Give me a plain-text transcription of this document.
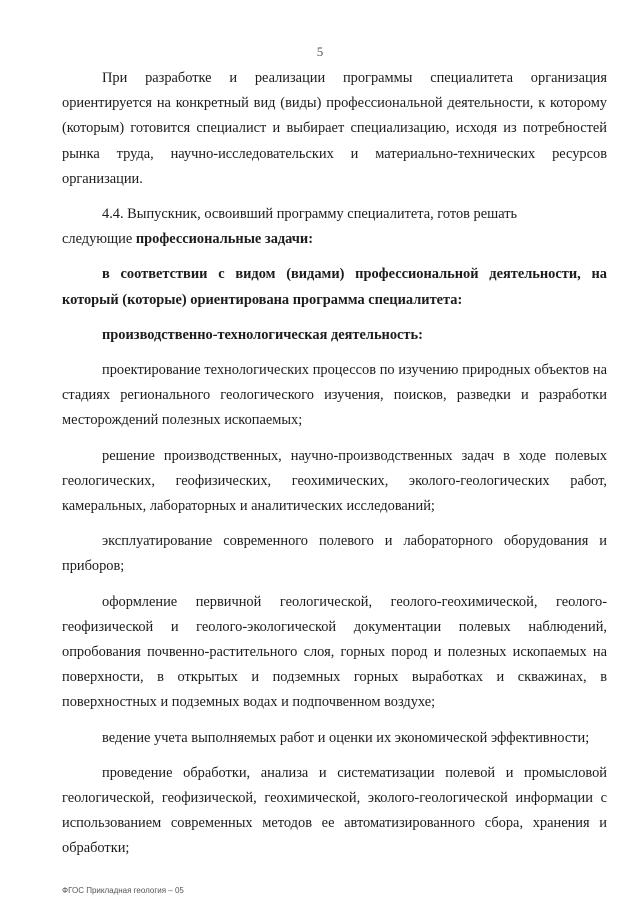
5

При разработке и реализации программы специалитета организация ориентируется на конкретный вид (виды) профессиональной деятельности, к которому (которым) готовится специалист и выбирает специализацию, исходя из потребностей рынка труда, научно-исследовательских и материально-технических ресурсов организации.

4.4. Выпускник, освоивший программу специалитета, готов решать
следующие профессиональные задачи:

в соответствии с видом (видами) профессиональной деятельности, на который (которые) ориентирована программа специалитета:

производственно-технологическая деятельность:

проектирование технологических процессов по изучению природных объектов на стадиях регионального геологического изучения, поисков, разведки и разработки месторождений полезных ископаемых;

решение производственных, научно-производственных задач в ходе полевых геологических, геофизических, геохимических, эколого-геологических работ, камеральных, лабораторных и аналитических исследований;

эксплуатирование современного полевого и лабораторного оборудования и приборов;

оформление первичной геологической, геолого-геохимической, геолого-геофизической и геолого-экологической документации полевых наблюдений, опробования почвенно-растительного слоя, горных пород и полезных ископаемых на поверхности, в открытых и подземных горных выработках и скважинах, в поверхностных и подземных водах и подпочвенном воздухе;

ведение учета выполняемых работ и оценки их экономической эффективности;

проведение обработки, анализа и систематизации полевой и промысловой геологической, геофизической, геохимической, эколого-геологической информации с использованием современных методов ее автоматизированного сбора, хранения и обработки;

ФГОС Прикладная геология – 05
